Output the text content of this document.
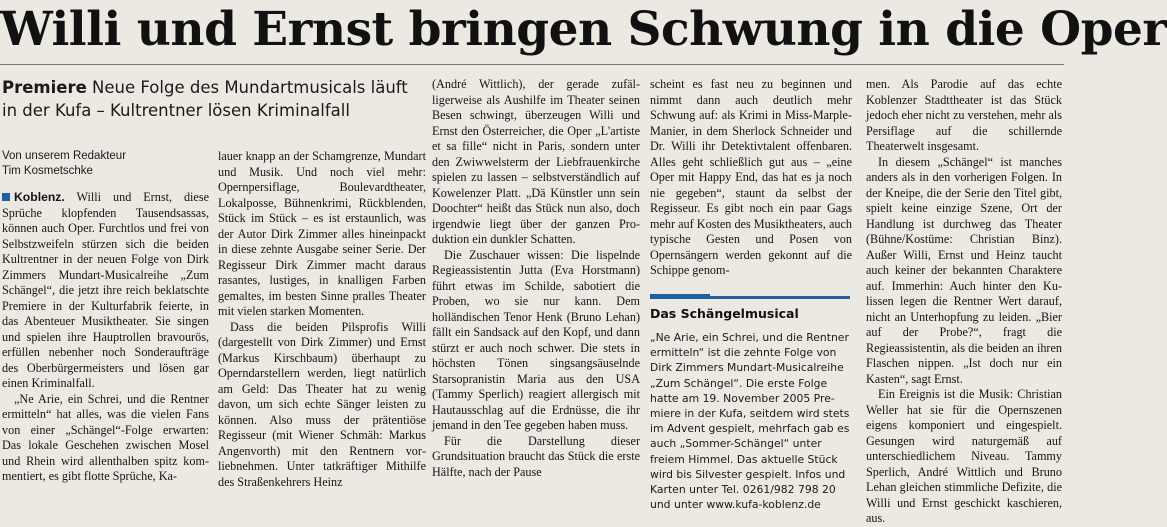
Willi und Ernst bringen Schwung in die Oper
Premiere Neue Folge des Mundartmusicals läuft in der Kufa – Kultrentner lösen Kriminalfall
Von unserem Redakteur
Tim Kosmetschke

Koblenz. Willi und Ernst, diese Sprüche klopfenden Tausendsassas, können auch Oper. Furchtlos und frei von Selbstzweifeln stürzen sich die beiden Kultrentner in der neuen Folge von Dirk Zimmers Mundart-Musicalreihe „Zum Schängel“, die jetzt ihre reich beklatschte Premiere in der Kulturfabrik feierte, in das Abenteuer Musiktheater. Sie singen und spielen ihre Hauptrollen bravourös, erfüllen nebenher noch Sonderaufträge des Oberbürgermeisters und lösen gar einen Kriminalfall.

„Ne Arie, ein Schrei, und die Rentner ermitteln“ hat alles, was die vielen Fans von einer „Schängel“-Folge erwarten: Das lokale Geschehen zwischen Mosel und Rhein wird allenthalben spitz kommentiert, es gibt flotte Sprüche, Ka-

lauer knapp an der Schamgrenze, Mundart und Musik. Und noch viel mehr: Opernpersiflage, Boulevardtheater, Lokalposse, Bühnenkrimi, Rückblenden, Stück im Stück – es ist erstaunlich, was der Autor Dirk Zimmer alles hineinpackt in diese zehnte Ausgabe seiner Serie. Der Regisseur Dirk Zimmer macht daraus rasantes, lustiges, in knalligen Farben gemaltes, im besten Sinne pralles Theater mit vielen starken Momenten.

Dass die beiden Pilsprofis Willi (dargestellt von Dirk Zimmer) und Ernst (Markus Kirschbaum) überhaupt zu Operndarstellern werden, liegt natürlich am Geld: Das Theater hat zu wenig davon, um sich echte Sänger leisten zu können. Also muss der prätentiöse Regisseur (mit Wiener Schmäh: Markus Angenvorth) mit den Rentnern vorliebnehmen. Unter tatkräftiger Mithilfe des Straßenkehrers Heinz

(André Wittlich), der gerade zufälligerweise als Aushilfe im Theater seinen Besen schwingt, überzeugen Willi und Ernst den Österreicher, die Oper „L'artiste et sa fille“ nicht in Paris, sondern unter den Zwiwwelsterm der Liebfrauenkirche spielen zu lassen – selbstverständlich auf Kowelenzer Platt. „Dä Künstler unn sein Doochter“ heißt das Stück nun also, doch irgendwie liegt über der ganzen Produktion ein dunkler Schatten.

Die Zuschauer wissen: Die lispelnde Regieassistentin Jutta (Eva Horstmann) führt etwas im Schilde, sabotiert die Proben, wo sie nur kann. Dem holländischen Tenor Henk (Bruno Lehan) fällt ein Sandsack auf den Kopf, und dann stürzt er auch noch schwer. Die stets in höchsten Tönen singsangsäuselnde Starsopranistin Maria aus den USA (Tammy Sperlich) reagiert allergisch mit Hautausschlag auf die Erdnüsse, die ihr jemand in den Tee gegeben haben muss.

Für die Darstellung dieser Grundsituation braucht das Stück die erste Hälfte, nach der Pause

scheint es fast neu zu beginnen und nimmt dann auch deutlich mehr Schwung auf: als Krimi in Miss-Marple-Manier, in dem Sherlock Schneider und Dr. Willi ihr Detektivtalent offenbaren. Alles geht schließlich gut aus – „eine Oper mit Happy End, das hat es ja noch nie gegeben“, staunt da selbst der Regisseur. Es gibt noch ein paar Gags mehr auf Kosten des Musiktheaters, auch typische Gesten und Posen von Opernsängern werden gekonnt auf die Schippe genom-

Das Schängelmusical
„Ne Arie, ein Schrei, und die Rentner ermitteln“ ist die zehnte Folge von Dirk Zimmers Mundart-Musicalreihe „Zum Schängel“. Die erste Folge hatte am 19. November 2005 Premiere in der Kufa, seitdem wird stets im Advent gespielt, mehrfach gab es auch „Sommer-Schängel“ unter freiem Himmel. Das aktuelle Stück wird bis Silvester gespielt. Infos und Karten unter Tel. 0261/982 798 20 und unter www.kufa-koblenz.de

men. Als Parodie auf das echte Koblenzer Stadttheater ist das Stück jedoch eher nicht zu verstehen, mehr als Persiflage auf die schillernde Theaterwelt insgesamt.

In diesem „Schängel“ ist manches anders als in den vorherigen Folgen. In der Kneipe, die der Serie den Titel gibt, spielt keine einzige Szene, Ort der Handlung ist durchweg das Theater (Bühne/Kostüme: Christian Binz). Außer Willi, Ernst und Heinz taucht auch keiner der bekannten Charaktere auf. Immerhin: Auch hinter den Kulissen legen die Rentner Wert darauf, nicht an Unterhopfung zu leiden. „Bier auf der Probe?“, fragt die Regieassistentin, als die beiden an ihren Flaschen nippen. „Ist doch nur ein Kasten“, sagt Ernst.

Ein Ereignis ist die Musik: Christian Weller hat sie für die Opernszenen eigens komponiert und eingespielt. Gesungen wird naturgemäß auf unterschiedlichem Niveau. Tammy Sperlich, André Wittlich und Bruno Lehan gleichen stimmliche Defizite, die Willi und Ernst geschickt kaschieren, aus.
